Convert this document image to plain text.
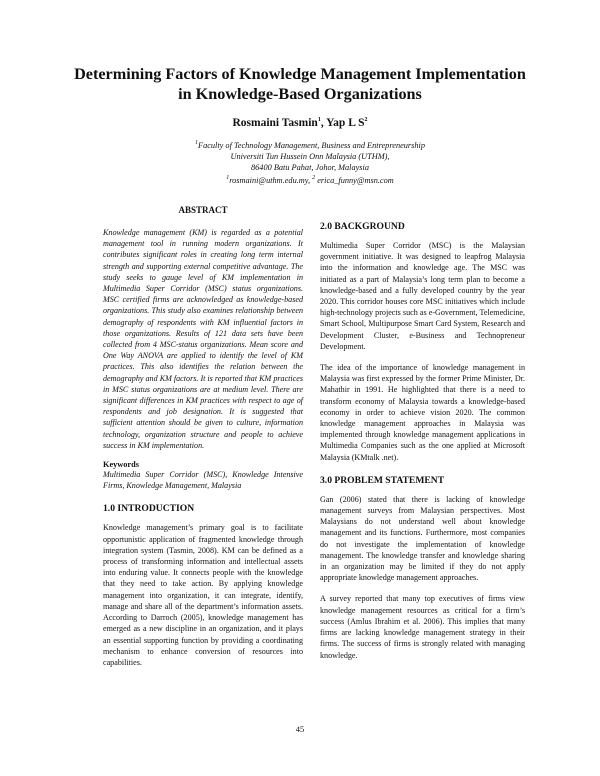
Determining Factors of Knowledge Management Implementation
in Knowledge-Based Organizations
Rosmaini Tasmin$^1$, Yap L $S^2$
$^1$Faculty of Technology Management, Business and Entrepreneurship
Universiti Tun Hussein Onn Malaysia (UTHM),
86400 Batu Pahat, Johor, Malaysia
$^1$rosmaini@uthm.edu.my, $^2$ erica_funny@msn.com
ABSTRACT

Knowledge management (KM) is regarded as a potential management tool in running modern organizations. It contributes significant roles in creating long term internal strength and supporting external competitive advantage. The study seeks to gauge level of KM implementation in Multimedia Super Corridor (MSC) status organizations. MSC certified firms are acknowledged as knowledge-based organizations. This study also examines relationship between demography of respondents with KM influential factors in those organizations. Results of 121 data sets have been collected from 4 MSC-status organizations. Mean score and One Way ANOVA are applied to identify the level of KM practices. This also identifies the relation between the demography and KM factors. It is reported that KM practices in MSC status organizations are at medium level. There are significant differences in KM practices with respect to age of respondents and job designation. It is suggested that sufficient attention should be given to culture, information technology, organization structure and people to achieve success in KM implementation.

Keywords

Multimedia Super Corridor (MSC), Knowledge Intensive Firms, Knowledge Management, Malaysia

1.0 INTRODUCTION

Knowledge management’s primary goal is to facilitate opportunistic application of fragmented knowledge through integration system (Tasmin, 2008). KM can be defined as a process of transforming information and intellectual assets into enduring value. It connects people with the knowledge that they need to take action. By applying knowledge management into organization, it can integrate, identify, manage and share all of the department’s information assets. According to Darroch (2005), knowledge management has emerged as a new discipline in an organization, and it plays an essential supporting function by providing a coordinating mechanism to enhance conversion of resources into capabilities.

2.0 BACKGROUND

Multimedia Super Corridor (MSC) is the Malaysian government initiative. It was designed to leapfrog Malaysia into the information and knowledge age. The MSC was initiated as a part of Malaysia’s long term plan to become a knowledge-based and a fully developed country by the year 2020. This corridor houses core MSC initiatives which include high-technology projects such as e-Government, Telemedicine, Smart School, Multipurpose Smart Card System, Research and Development Cluster, e-Business and Technopreneur Development.

The idea of the importance of knowledge management in Malaysia was first expressed by the former Prime Minister, Dr. Mahathir in 1991. He highlighted that there is a need to transform economy of Malaysia towards a knowledge-based economy in order to achieve vision 2020. The common knowledge management approaches in Malaysia was implemented through knowledge management applications in Multimedia Companies such as the one applied at Microsoft Malaysia (KMtalk .net).

3.0 PROBLEM STATEMENT

Gan (2006) stated that there is lacking of knowledge management surveys from Malaysian perspectives. Most Malaysians do not understand well about knowledge management and its functions. Furthermore, most companies do not investigate the implementation of knowledge management. The knowledge transfer and knowledge sharing in an organization may be limited if they do not apply appropriate knowledge management approaches.

A survey reported that many top executives of firms view knowledge management resources as critical for a firm’s success (Amlus Ibrahim et al. 2006). This implies that many firms are lacking knowledge management strategy in their firms. The success of firms is strongly related with managing knowledge.

45
